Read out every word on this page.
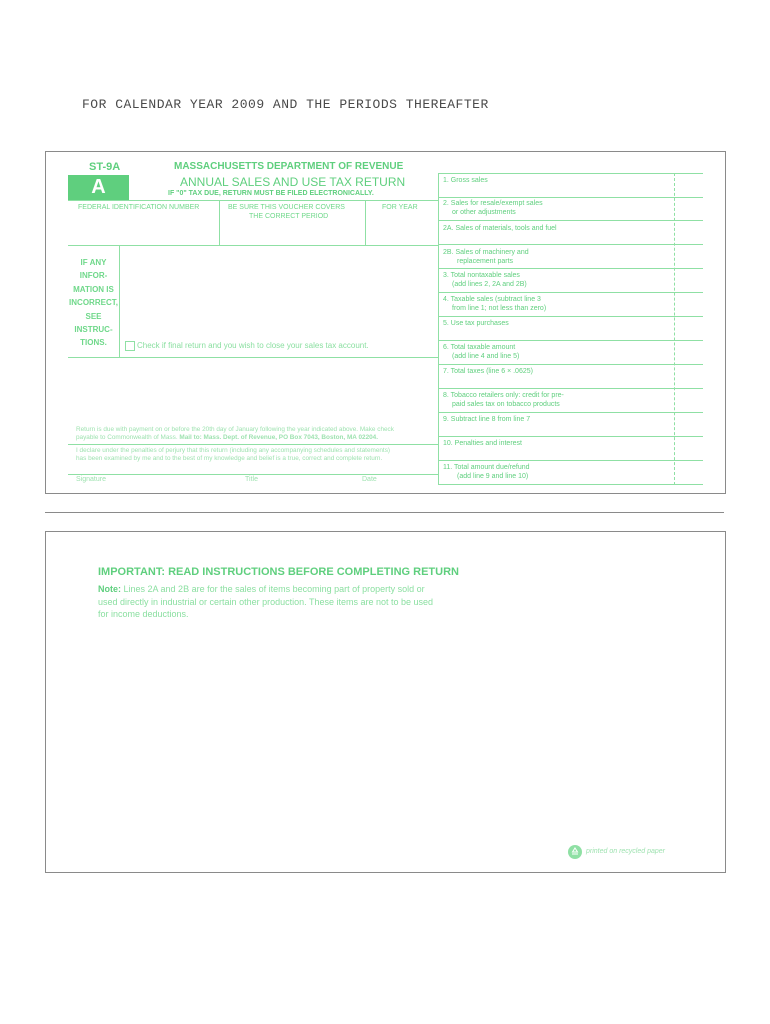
FOR CALENDAR YEAR 2009 AND THE PERIODS THEREAFTER
ST-9A
A
MASSACHUSETTS DEPARTMENT OF REVENUE
ANNUAL SALES AND USE TAX RETURN
IF "0" TAX DUE, RETURN MUST BE FILED ELECTRONICALLY.
FEDERAL IDENTIFICATION NUMBER	BE SURE THIS VOUCHER COVERS
THE CORRECT PERIOD
FOR YEAR
IF ANY
INFOR-
MATION IS
INCORRECT,
SEE
INSTRUC-
TIONS.	Check if final return and you wish to close your sales tax account.
Return is due with payment on or before the 20th day of January following the year indicated above. Make check
payable to Commonwealth of Mass. Mail to: Mass. Dept. of Revenue, PO Box 7043, Boston, MA 02204.
I declare under the penalties of perjury that this return (including any accompanying schedules and statements)
has been examined by me and to the best of my knowledge and belief is a true, correct and complete return.
Signature	Title	Date
1. Gross sales
2. Sales for resale/exempt sales
or other adjustments
2A. Sales of materials, tools and fuel
2B. Sales of machinery and
replacement parts
3. Total nontaxable sales
(add lines 2, 2A and 2B)
4. Taxable sales (subtract line 3
from line 1; not less than zero)
5. Use tax purchases
6. Total taxable amount
(add line 4 and line 5)
7. Total taxes (line 6 × .0625)
8. Tobacco retailers only: credit for pre-
paid sales tax on tobacco products
9. Subtract line 8 from line 7
10. Penalties and interest
11. Total amount due/refund
(add line 9 and line 10)
IMPORTANT: READ INSTRUCTIONS BEFORE COMPLETING RETURN
Note: Lines 2A and 2B are for the sales of items becoming part of property sold or
used directly in industrial or certain other production. These items are not to be used
for income deductions.
printed on recycled paper
